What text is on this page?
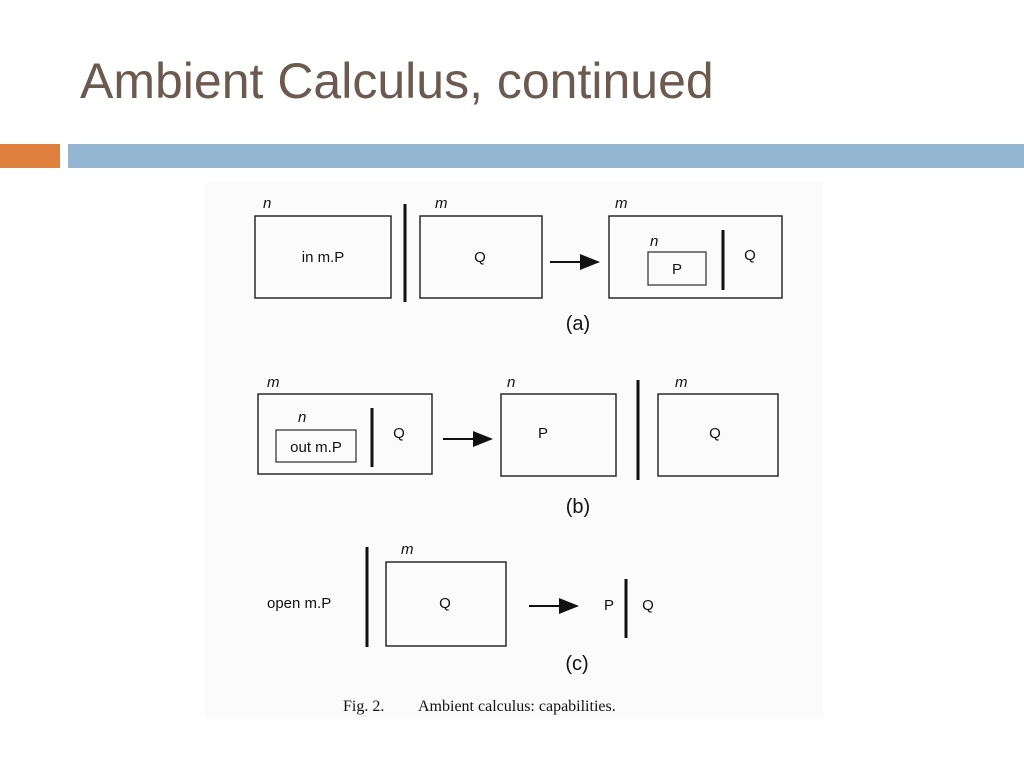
Ambient Calculus, continued
n
in m.P
m
Q
m
n
P
Q
(a)
m
n
out m.P
Q
n
P
m
Q
(b)
open m.P
m
Q	P Q
(c)
Fig. 2. Ambient calculus: capabilities.
